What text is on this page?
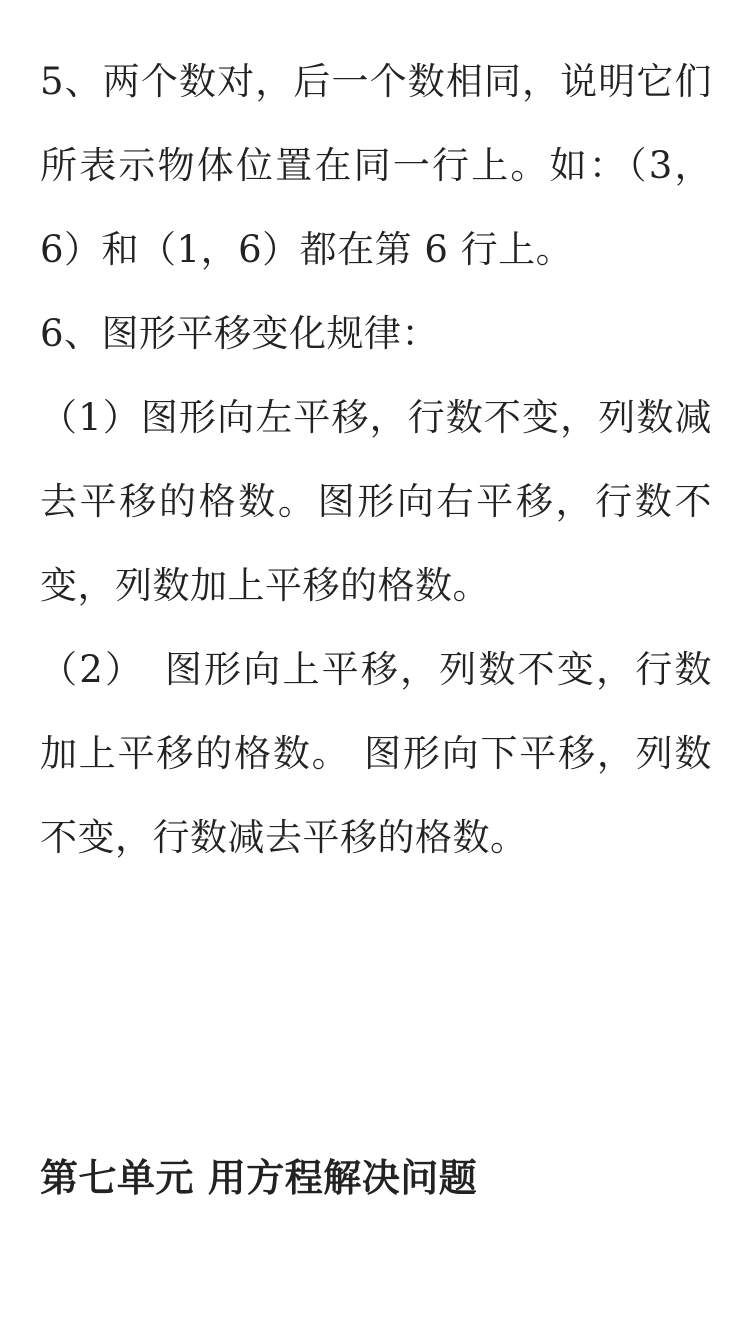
5、两个数对，后一个数相同，说明它们所表示物体位置在同一行上。如：（3，6）和（1，6）都在第 6 行上。

6、图形平移变化规律：

（1）图形向左平移，行数不变，列数减去平移的格数。图形向右平移，行数不变，列数加上平移的格数。

（2）　图形向上平移，列数不变，行数加上平移的格数。 图形向下平移，列数不变，行数减去平移的格数。

第七单元 用方程解决问题
